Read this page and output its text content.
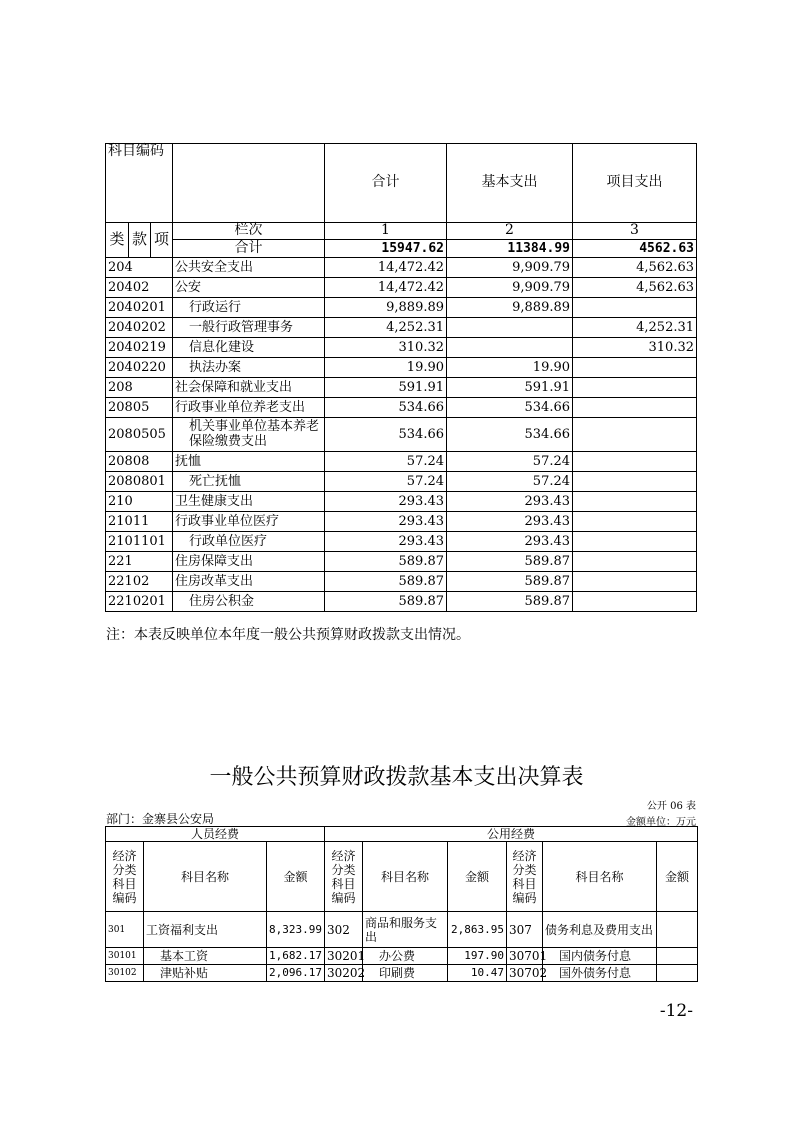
科目编码				合计	基本支出	项目支出

类	款	项	栏次	1	2	3
			合计	15947.62	11384.99	4562.63
204			公共安全支出	14,472.42	9,909.79	4,562.63
20402			公安	14,472.42	9,909.79	4,562.63
2040201			行政运行	9,889.89	9,889.89	
2040202			一般行政管理事务	4,252.31		4,252.31
2040219			信息化建设	310.32		310.32
2040220			执法办案	19.90	19.90	
208			社会保障和就业支出	591.91	591.91	
20805			行政事业单位养老支出	534.66	534.66	
2080505			机关事业单位基本养老保险缴费支出	534.66	534.66	
20808			抚恤	57.24	57.24	
2080801			死亡抚恤	57.24	57.24	
210			卫生健康支出	293.43	293.43	
21011			行政事业单位医疗	293.43	293.43	
2101101			行政单位医疗	293.43	293.43	
221			住房保障支出	589.87	589.87	
22102			住房改革支出	589.87	589.87	
2210201			住房公积金	589.87	589.87	
注：本表反映单位本年度一般公共预算财政拨款支出情况。
一般公共预算财政拨款基本支出决算表
公开 06 表
部门：金寨县公安局	金额单位：万元
人员经费			公用经费					
经济分类科目编码	科目名称	金额	经济分类科目编码	科目名称	金额	经济分类科目编码	科目名称	金额
301	工资福利支出	8,323.99	302	商品和服务支出	2,863.95	307	债务利息及费用支出	
30101	基本工资	1,682.17	30201	办公费	197.90	30701	国内债务付息	
30102	津贴补贴	2,096.17	30202	印刷费	10.47	30702	国外债务付息	
-12-
